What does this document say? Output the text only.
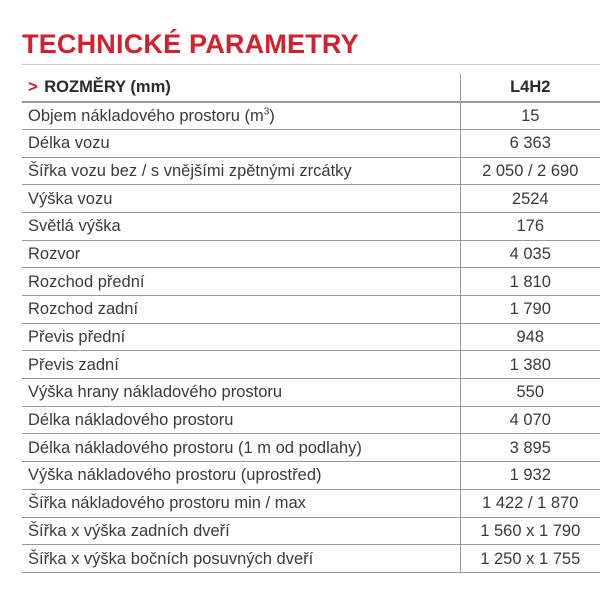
TECHNICKÉ PARAMETRY
> ROZMĚRY (mm)	L4H2
Objem nákladového prostoru $(m^3)$	15
Délka vozu	6 363
Šířka vozu bez / s vnějšími zpětnými zrcátky	2 050 / 2 690
Výška vozu	2524
Světlá výška	176
Rozvor	4 035
Rozchod přední	1 810
Rozchod zadní	1 790
Převis přední	948
Převis zadní	1 380
Výška hrany nákladového prostoru	550
Délka nákladového prostoru	4 070
Délka nákladového prostoru (1 m od podlahy)	3 895
Výška nákladového prostoru (uprostřed)	1 932
Šířka nákladového prostoru min / max	1 422 / 1 870
Šířka x výška zadních dveří	1 560 x 1 790
Šířka x výška bočních posuvných dveří	1 250 x 1 755
